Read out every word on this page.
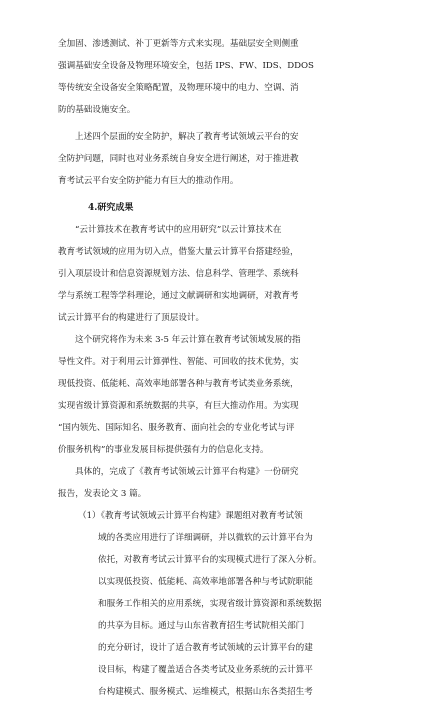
全加固、渗透测试、补丁更新等方式来实现。基础层安全则侧重
强调基础安全设备及物理环境安全，包括 IPS、FW、IDS、DDOS
等传统安全设备安全策略配置，及物理环境中的电力、空调、消
防的基础设施安全。
上述四个层面的安全防护，解决了教育考试领域云平台的安
全防护问题，同时也对业务系统自身安全进行阐述，对于推进教
育考试云平台安全防护能力有巨大的推动作用。
4.研究成果
“云计算技术在教育考试中的应用研究”以云计算技术在
教育考试领域的应用为切入点，借鉴大量云计算平台搭建经验，
引入项层设计和信息资源规划方法、信息科学、管理学、系统科
学与系统工程等学科理论，通过文献调研和实地调研，对教育考
试云计算平台的构建进行了顶层设计。
这个研究将作为未来 3-5 年云计算在教育考试领域发展的指
导性文件。对于利用云计算弹性、智能、可回收的技术优势，实
现低投资、低能耗、高效率地部署各种与教育考试类业务系统，
实现省级计算资源和系统数据的共享，有巨大推动作用。为实现
“国内领先、国际知名、服务教育、面向社会的专业化考试与评
价服务机构”的事业发展目标提供强有力的信息化支持。
具体的，完成了《教育考试领域云计算平台构建》一份研究
报告，发表论文 3 篇。
（1）《教育考试领域云计算平台构建》课题组对教育考试领
域的各类应用进行了详细调研，并以微软的云计算平台为
依托，对教育考试云计算平台的实现模式进行了深入分析。
以实现低投资、低能耗、高效率地部署各种与考试院职能
和服务工作相关的应用系统，实现省级计算资源和系统数据
的共享为目标。通过与山东省教育招生考试院相关部门
的充分研讨，设计了适合教育考试领域的云计算平台的建
设目标，构建了覆盖适合各类考试及业务系统的云计算平
台构建模式、服务模式、运维模式，根据山东各类招生考
